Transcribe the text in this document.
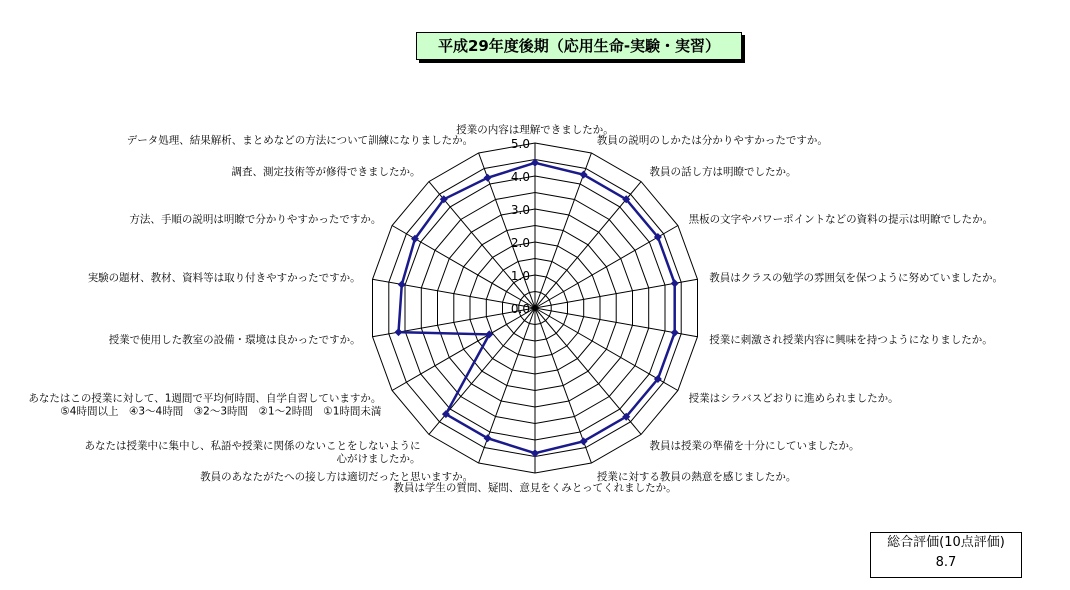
平成29年度後期（応用生命-実験・実習）
0.0
1.0
2.0
3.0
4.0
5.0
授業の内容は理解できましたか。
教員の説明のしかたは分かりやすかったですか。
教員の話し方は明瞭でしたか。
黒板の文字やパワーポイントなどの資料の提示は明瞭でしたか。
教員はクラスの勉学の雰囲気を保つように努めていましたか。
授業に刺激され授業内容に興味を持つようになりましたか。
授業はシラバスどおりに進められましたか。
教員は授業の準備を十分にしていましたか。
授業に対する教員の熱意を感じましたか。
教員は学生の質問、疑問、意見をくみとってくれましたか。
教員のあなたがたへの接し方は適切だったと思いますか。
あなたは授業中に集中し、私語や授業に関係のないことをしないように
心がけましたか。
あなたはこの授業に対して、1週間で平均何時間、自学自習していますか。
⑤4時間以上　④3～4時間　③2～3時間　②1～2時間　①1時間未満
授業で使用した教室の設備・環境は良かったですか。
実験の題材、教材、資料等は取り付きやすかったですか。
方法、手順の説明は明瞭で分かりやすかったですか。
調査、測定技術等が修得できましたか。
データ処理、結果解析、まとめなどの方法について訓練になりましたか。
総合評価(10点評価)
8.7
